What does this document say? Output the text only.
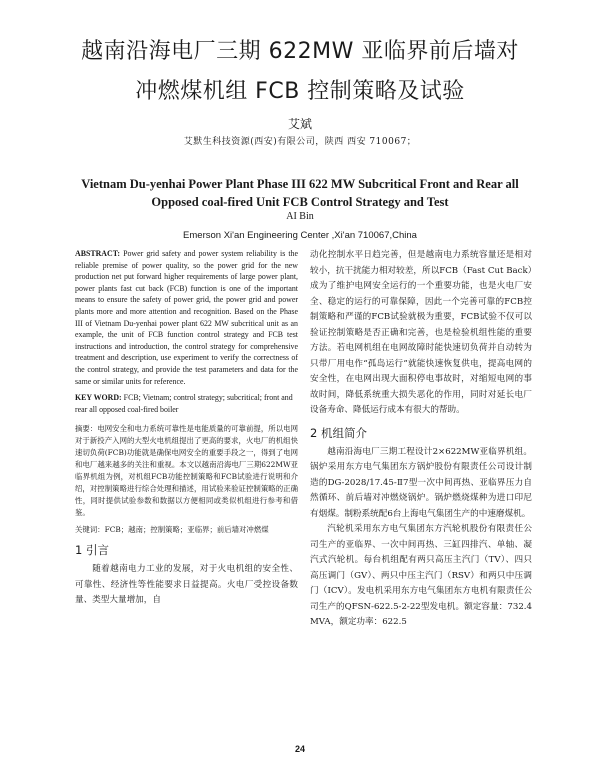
越南沿海电厂三期 622MW 亚临界前后墙对
冲燃煤机组 FCB 控制策略及试验
艾斌
艾默生科技资源(西安)有限公司，陕西 西安 710067；
Vietnam Du-yenhai Power Plant Phase III 622 MW Subcritical Front and Rear all
Opposed coal-fired Unit FCB Control Strategy and Test
AI Bin
Emerson Xi'an Engineering Center ,Xi'an 710067,China

ABSTRACT: Power grid safety and power system reliability is the reliable premise of power quality, so the power grid for the new production net put forward higher requirements of large power plant, power plants fast cut back (FCB) function is one of the important means to ensure the safety of power grid, the power grid and power plants more and more attention and recognition. Based on the Phase III of Vietnam Du-yenhai power plant 622 MW subcritical unit as an example, the unit of FCB function control strategy and FCB test instructions and introduction, the control strategy for comprehensive treatment and description, use experiment to verify the correctness of the control strategy, and provide the test parameters and data for the same or similar units for reference.

KEY WORD: FCB; Vietnam; control strategy; subcritical; front and rear all opposed coal-fired boiler

摘要：电网安全和电力系统可靠性是电能质量的可靠前提，所以电网对于新投产入网的大型火电机组提出了更高的要求，火电厂的机组快速切负荷(FCB)功能就是确保电网安全的重要手段之一，得到了电网和电厂越来越多的关注和重视。本文以越南沿海电厂三期622MW亚临界机组为例，对机组FCB功能控制策略和FCB试验进行说明和介绍，对控制策略进行综合处理和描述，用试验来验证控制策略的正确性，同时提供试验参数和数据以方便相同或类似机组进行参考和借鉴。

关键词：FCB；越南；控制策略；亚临界；前后墙对冲燃煤

1 引言

随着越南电力工业的发展，对于火电机组的安全性、可靠性、经济性等性能要求日益提高。火电厂受控设备数量、类型大量增加，自

动化控制水平日趋完善，但是越南电力系统容量还是相对较小，抗干扰能力相对较差，所以FCB（Fast Cut Back）成为了维护电网安全运行的一个重要功能，也是火电厂安全、稳定的运行的可靠保障，因此一个完善可靠的FCB控制策略和严谨的FCB试验就极为重要，FCB试验不仅可以验证控制策略是否正确和完善，也是检验机组性能的重要方法。若电网机组在电网故障时能快速切负荷并自动转为只带厂用电作“孤岛运行”就能快速恢复供电，提高电网的安全性，在电网出现大面积停电事故时，对缩短电网的事故时间，降低系统重大损失恶化的作用，同时对延长电厂设备寿命、降低运行成本有很大的帮助。

2 机组简介

越南沿海电厂三期工程设计2×622MW亚临界机组。锅炉采用东方电气集团东方锅炉股份有限责任公司设计制造的DG-2028/17.45-Ⅱ7型一次中间再热、亚临界压力自然循环、前后墙对冲燃烧锅炉。锅炉燃烧煤种为进口印尼有烟煤。制粉系统配6台上海电气集团生产的中速磨煤机。

汽轮机采用东方电气集团东方汽轮机股份有限责任公司生产的亚临界、一次中间再热、三缸四排汽、单轴、凝汽式汽轮机。每台机组配有两只高压主汽门（TV）、四只高压调门（GV）、两只中压主汽门（RSV）和两只中压调门（ICV）。发电机采用东方电气集团东方电机有限责任公司生产的QFSN-622.5-2-22型发电机。额定容量：732.4 MVA，额定功率：622.5

24
